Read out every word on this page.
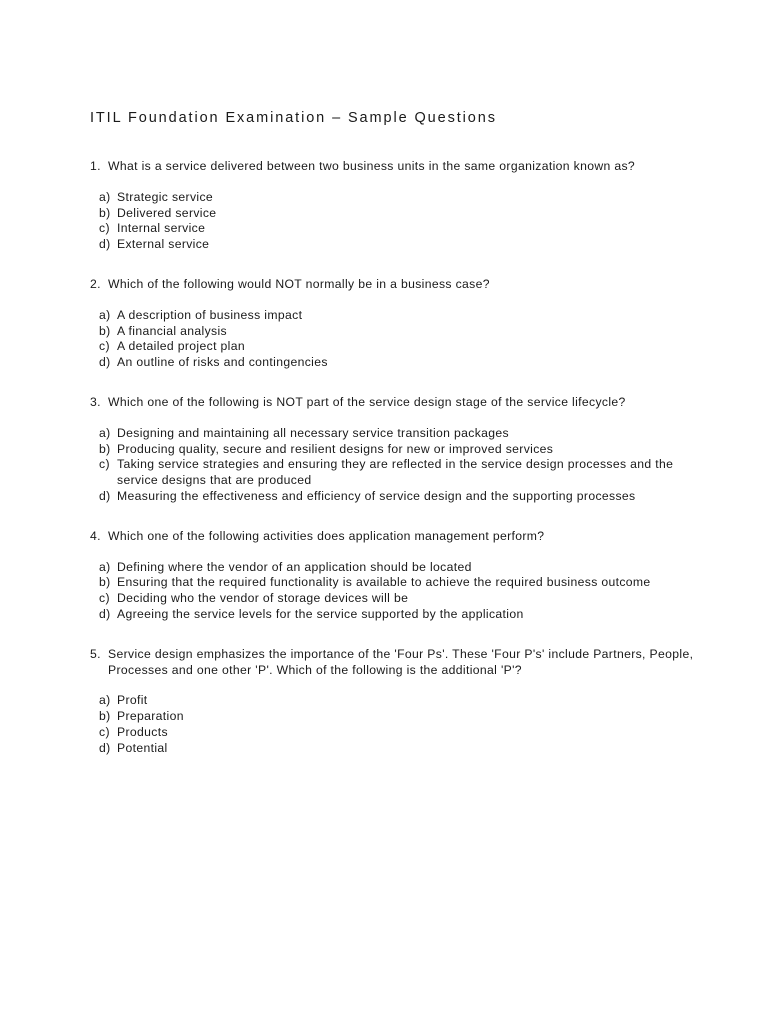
ITIL Foundation Examination – Sample Questions
1. What is a service delivered between two business units in the same organization known as?
a) Strategic service
b) Delivered service
c) Internal service
d) External service
2. Which of the following would NOT normally be in a business case?
a) A description of business impact
b) A financial analysis
c) A detailed project plan
d) An outline of risks and contingencies
3. Which one of the following is NOT part of the service design stage of the service lifecycle?
a) Designing and maintaining all necessary service transition packages
b) Producing quality, secure and resilient designs for new or improved services
c) Taking service strategies and ensuring they are reflected in the service design processes and the service designs that are produced
d) Measuring the effectiveness and efficiency of service design and the supporting processes
4. Which one of the following activities does application management perform?
a) Defining where the vendor of an application should be located
b) Ensuring that the required functionality is available to achieve the required business outcome
c) Deciding who the vendor of storage devices will be
d) Agreeing the service levels for the service supported by the application
5. Service design emphasizes the importance of the 'Four Ps'. These 'Four P's' include Partners, People, Processes and one other 'P'. Which of the following is the additional 'P'?
a) Profit
b) Preparation
c) Products
d) Potential
